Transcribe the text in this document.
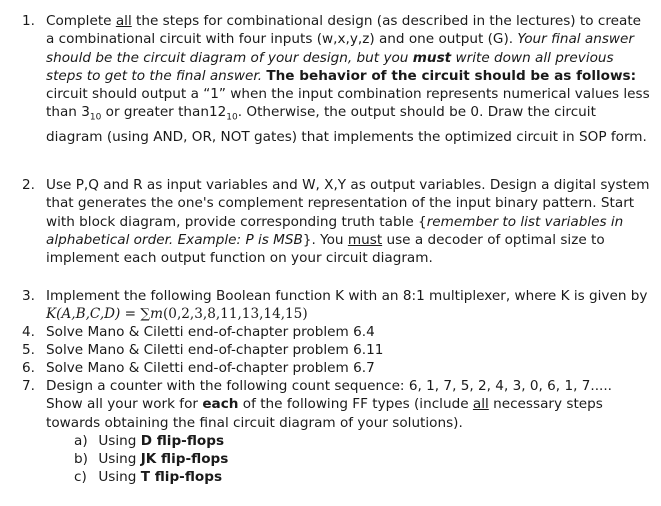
1. Complete all the steps for combinational design (as described in the lectures) to create a combinational circuit with four inputs (w,x,y,z) and one output (G). Your final answer should be the circuit diagram of your design, but you must write down all previous steps to get to the final answer. The behavior of the circuit should be as follows: circuit should output a “1” when the input combination represents numerical values less than $3_{10}$ or greater $than12_{10}$. Otherwise, the output should be 0. Draw the circuit diagram (using AND, OR, NOT gates) that implements the optimized circuit in SOP form.
2. Use P,Q and R as input variables and W, X,Y as output variables. Design a digital system that generates the one's complement representation of the input binary pattern. Start with block diagram, provide corresponding truth table {remember to list variables in alphabetical order. Example: P is MSB}. You must use a decoder of optimal size to implement each output function on your circuit diagram.
3. Implement the following Boolean function K with an 8:1 multiplexer, where K is given by K(A,B,C,D) = ∑m(0,2,3,8,11,13,14,15)
4. Solve Mano & Ciletti end-of-chapter problem 6.4
5. Solve Mano & Ciletti end-of-chapter problem 6.11
6. Solve Mano & Ciletti end-of-chapter problem 6.7
7. Design a counter with the following count sequence: 6, 1, 7, 5, 2, 4, 3, 0, 6, 1, 7..... Show all your work for each of the following FF types (include all necessary steps towards obtaining the final circuit diagram of your solutions).
a) Using D flip-flops
b) Using JK flip-flops
c) Using T flip-flops
